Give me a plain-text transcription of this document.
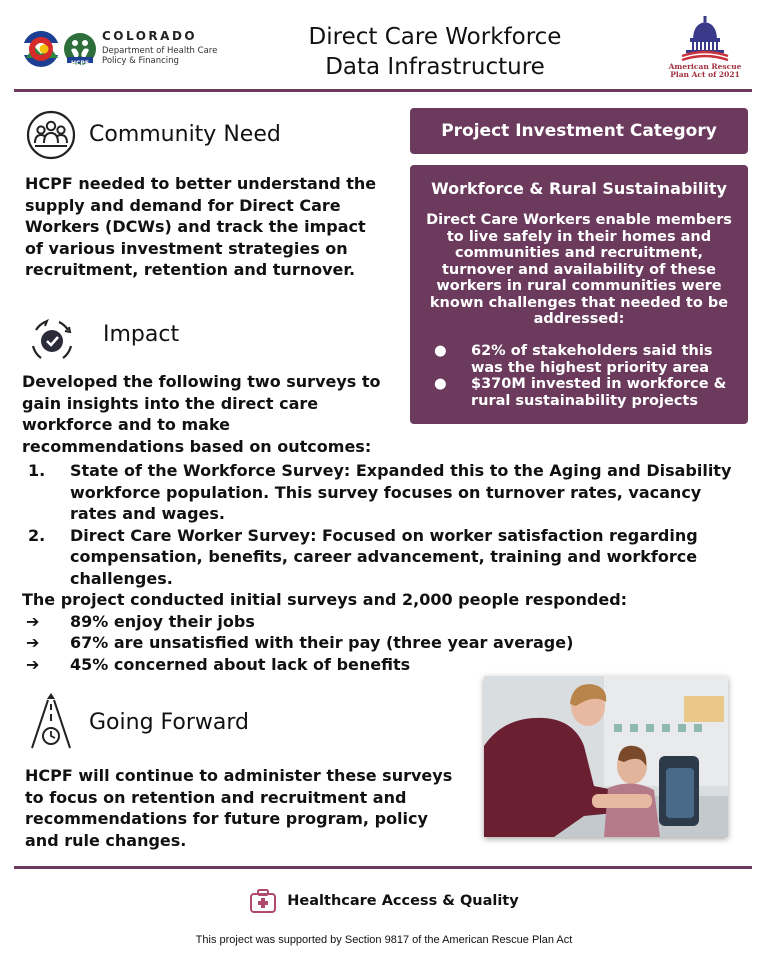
COLORADO
Department of Health Care
Policy & Financing
HCPF
Direct Care Workforce
Data Infrastructure	American Rescue
Plan Act of 2021
Community Need
HCPF needed to better understand the supply and demand for Direct Care Workers (DCWs) and track the impact of various investment strategies on recruitment, retention and turnover.
Project Investment Category
Workforce & Rural Sustainability
Direct Care Workers enable members to live safely in their homes and communities and recruitment, turnover and availability of these workers in rural communities were known challenges that needed to be addressed:
● 62% of stakeholders said this was the highest priority area
● $370M invested in workforce & rural sustainability projects
Impact
Developed the following two surveys to gain insights into the direct care workforce and to make recommendations based on outcomes:
1. State of the Workforce Survey: Expanded this to the Aging and Disability workforce population. This survey focuses on turnover rates, vacancy rates and wages.
2. Direct Care Worker Survey: Focused on worker satisfaction regarding compensation, benefits, career advancement, training and workforce challenges.
The project conducted initial surveys and 2,000 people responded:
➔ 89% enjoy their jobs
➔ 67% are unsatisfied with their pay (three year average)
➔ 45% concerned about lack of benefits
Going Forward
HCPF will continue to administer these surveys to focus on retention and recruitment and recommendations for future program, policy and rule changes.
Healthcare Access & Quality
This project was supported by Section 9817 of the American Rescue Plan Act
